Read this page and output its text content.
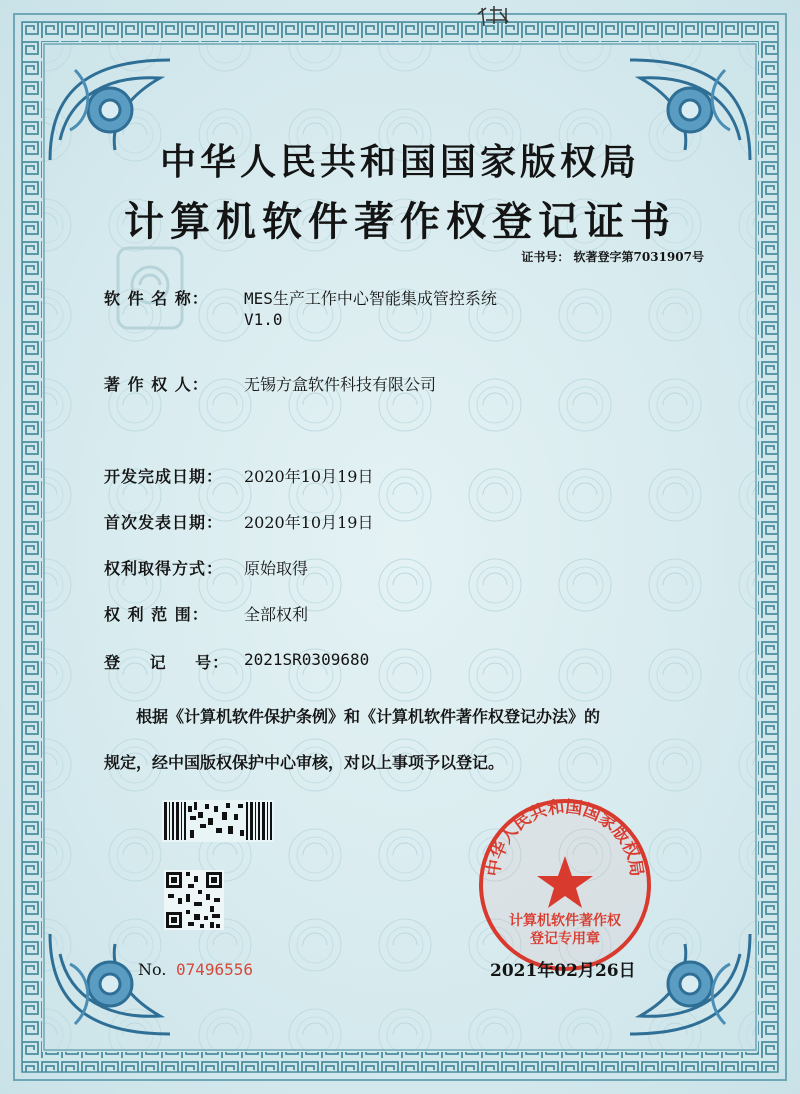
中华人民共和国国家版权局
计算机软件著作权登记证书
证书号： 软著登字第7031907号
软 件 名 称： MES生产工作中心智能集成管控系统
V1.0
著 作 权 人： 无锡方盒软件科技有限公司
开发完成日期： 2020年10月19日
首次发表日期： 2020年10月19日
权利取得方式： 原始取得
权 利 范 围： 全部权利
登 记 号： 2021SR0309680
根据《计算机软件保护条例》和《计算机软件著作权登记办法》的
规定，经中国版权保护中心审核，对以上事项予以登记。
No. 07496556
中华人民共和国国家版权局
计算机软件著作权
登记专用章
2021年02月26日
